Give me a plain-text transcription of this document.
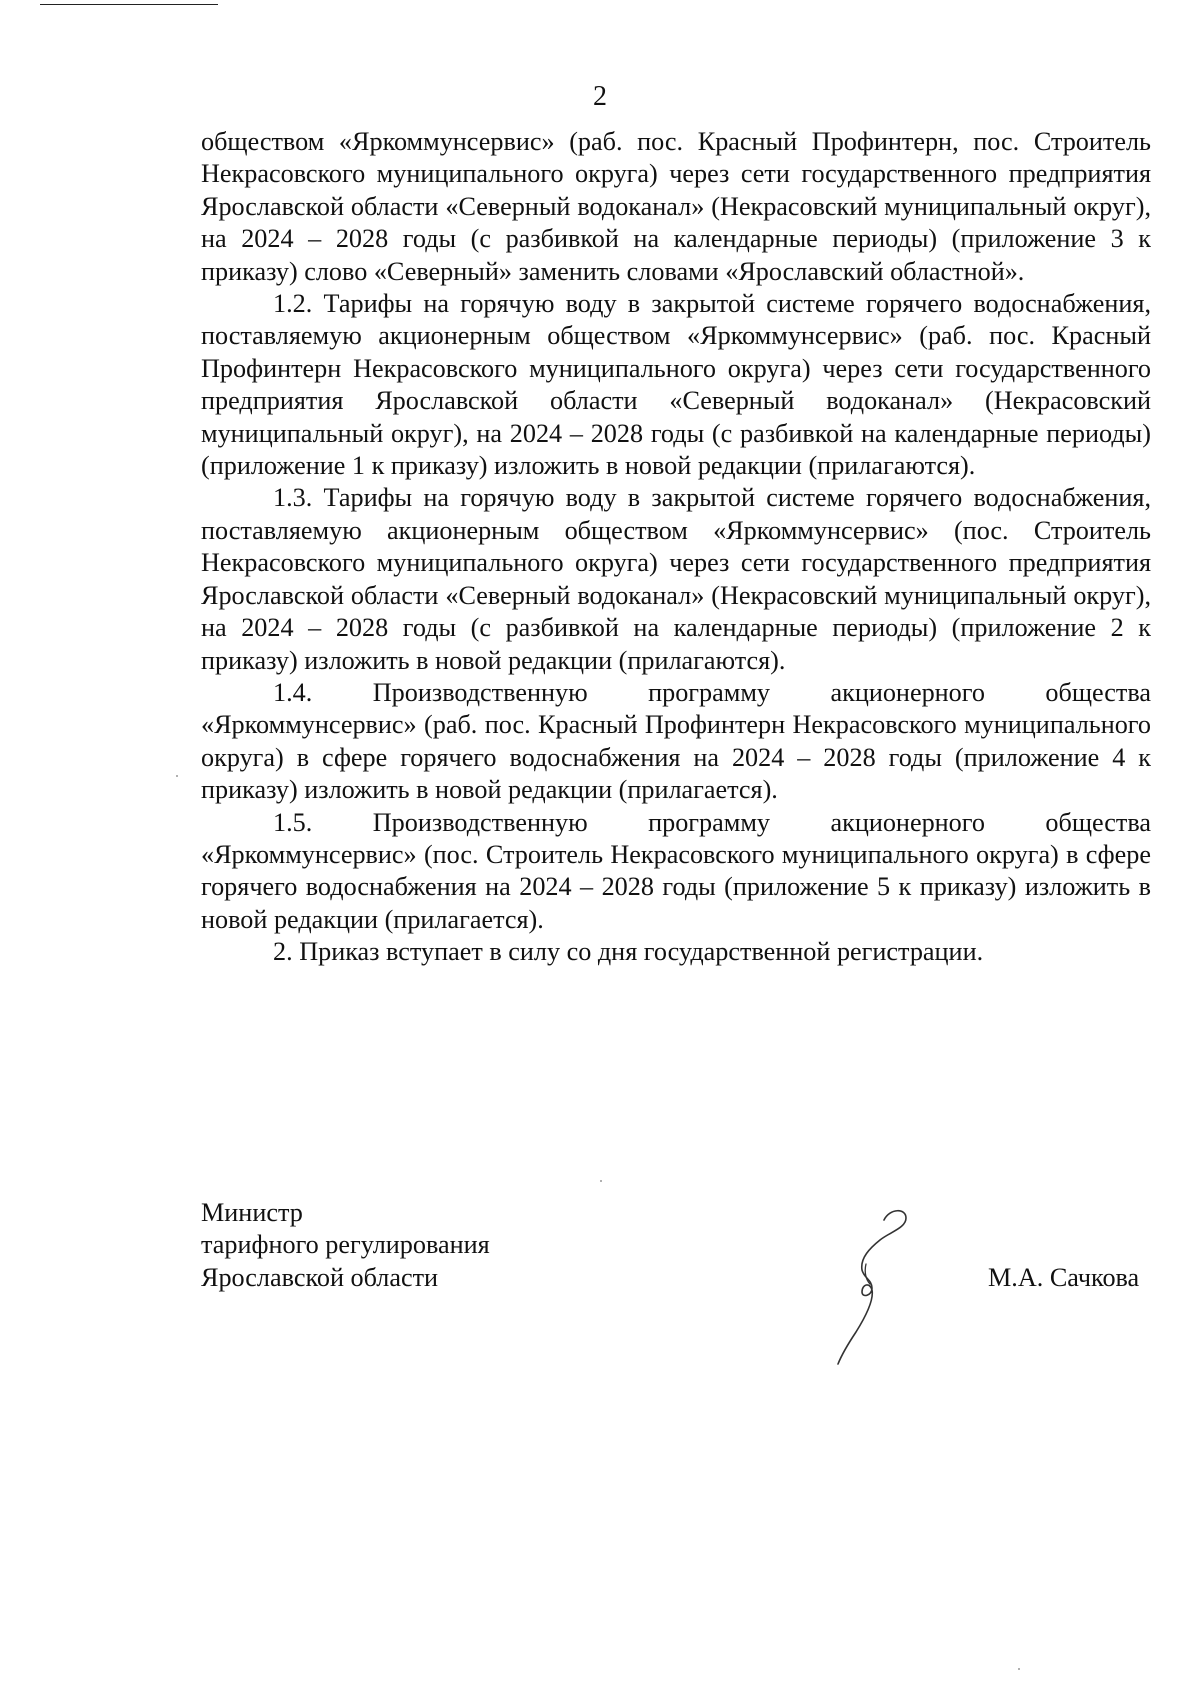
2

обществом «Яркоммунсервис» (раб. пос. Красный Профинтерн, пос. Строитель Некрасовского муниципального округа) через сети государственного предприятия Ярославской области «Северный водоканал» (Некрасовский муниципальный округ), на 2024 – 2028 годы (с разбивкой на календарные периоды) (приложение 3 к приказу) слово «Северный» заменить словами «Ярославский областной».

1.2. Тарифы на горячую воду в закрытой системе горячего водоснабжения, поставляемую акционерным обществом «Яркоммунсервис» (раб. пос. Красный Профинтерн Некрасовского муниципального округа) через сети государственного предприятия Ярославской области «Северный водоканал» (Некрасовский муниципальный округ), на 2024 – 2028 годы (с разбивкой на календарные периоды) (приложение 1 к приказу) изложить в новой редакции (прилагаются).

1.3. Тарифы на горячую воду в закрытой системе горячего водоснабжения, поставляемую акционерным обществом «Яркоммунсервис» (пос. Строитель Некрасовского муниципального округа) через сети государственного предприятия Ярославской области «Северный водоканал» (Некрасовский муниципальный округ), на 2024 – 2028 годы (с разбивкой на календарные периоды) (приложение 2 к приказу) изложить в новой редакции (прилагаются).

1.4. Производственную программу акционерного общества «Яркоммунсервис» (раб. пос. Красный Профинтерн Некрасовского муниципального округа) в сфере горячего водоснабжения на 2024 – 2028 годы (приложение 4 к приказу) изложить в новой редакции (прилагается).

1.5. Производственную программу акционерного общества «Яркоммунсервис» (пос. Строитель Некрасовского муниципального округа) в сфере горячего водоснабжения на 2024 – 2028 годы (приложение 5 к приказу) изложить в новой редакции (прилагается).

2. Приказ вступает в силу со дня государственной регистрации.

Министр
тарифного регулирования
Ярославской области	М.А. Сачкова
